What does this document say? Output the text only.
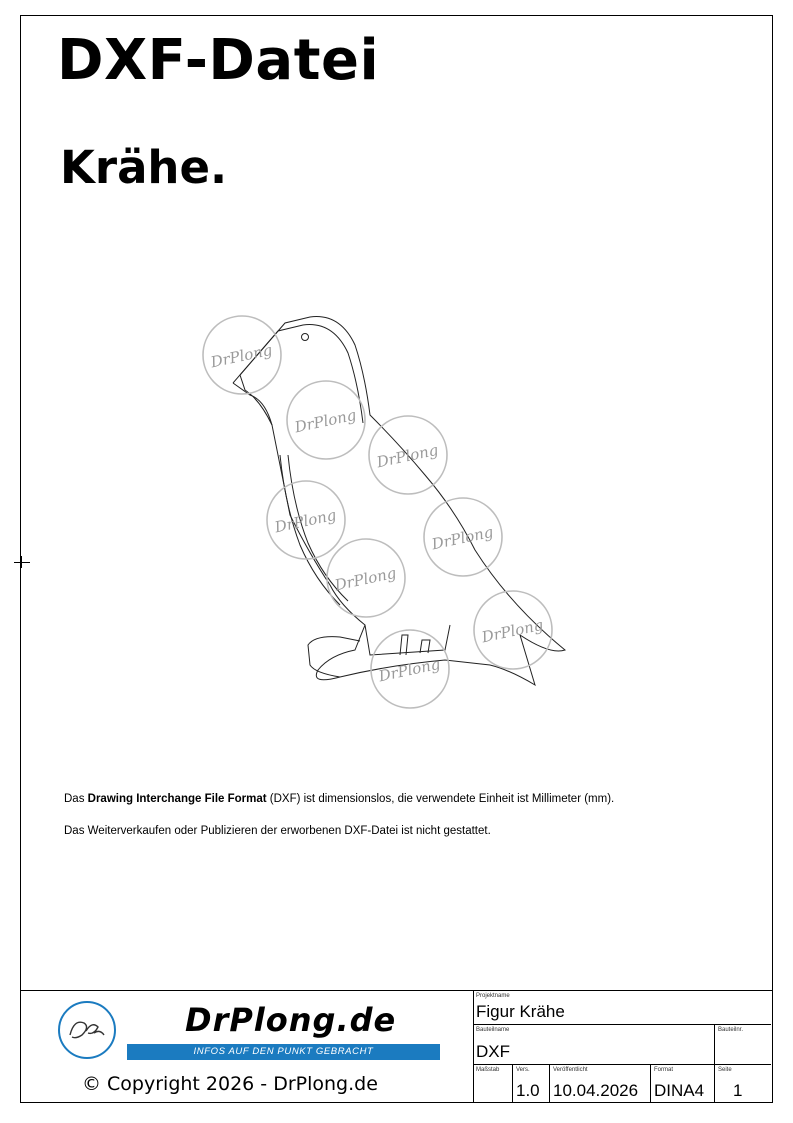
DXF-Datei
Krähe.
DrPlong
DrPlong
DrPlong
DrPlong
DrPlong
DrPlong
DrPlong
DrPlong

Das Drawing Interchange File Format (DXF) ist dimensionslos, die verwendete Einheit ist Millimeter (mm).

Das Weiterverkaufen oder Publizieren der erworbenen DXF-Datei ist nicht gestattet.

DrPlong.de
INFOS AUF DEN PUNKT GEBRACHT
© Copyright 2026 - DrPlong.de
Projektname
Figur Krähe
Bauteilname
DXF
Bauteilnr.
Maßstab	Vers.
1.0
Veröffentlicht
10.04.2026
Format
DINA4
Seite
1
